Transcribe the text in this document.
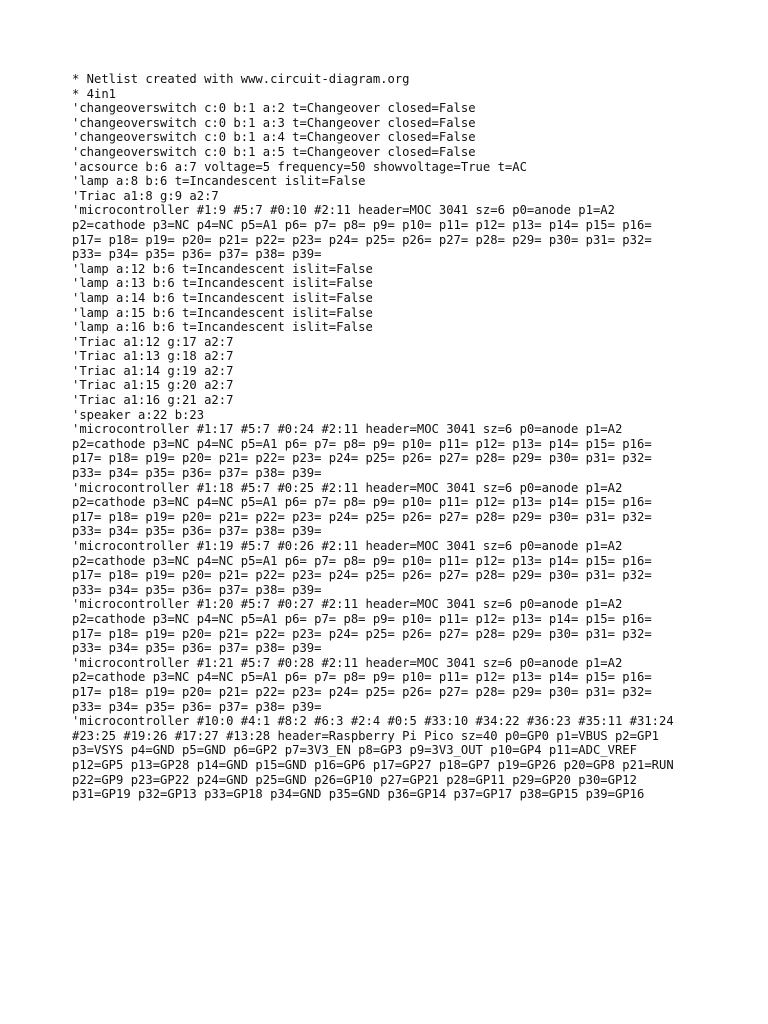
* Netlist created with www.circuit-diagram.org
* 4in1
'changeoverswitch c:0 b:1 a:2 t=Changeover closed=False
'changeoverswitch c:0 b:1 a:3 t=Changeover closed=False
'changeoverswitch c:0 b:1 a:4 t=Changeover closed=False
'changeoverswitch c:0 b:1 a:5 t=Changeover closed=False
'acsource b:6 a:7 voltage=5 frequency=50 showvoltage=True t=AC
'lamp a:8 b:6 t=Incandescent islit=False
'Triac a1:8 g:9 a2:7
'microcontroller #1:9 #5:7 #0:10 #2:11 header=MOC 3041 sz=6 p0=anode p1=A2
p2=cathode p3=NC p4=NC p5=A1 p6= p7= p8= p9= p10= p11= p12= p13= p14= p15= p16=
p17= p18= p19= p20= p21= p22= p23= p24= p25= p26= p27= p28= p29= p30= p31= p32=
p33= p34= p35= p36= p37= p38= p39=
'lamp a:12 b:6 t=Incandescent islit=False
'lamp a:13 b:6 t=Incandescent islit=False
'lamp a:14 b:6 t=Incandescent islit=False
'lamp a:15 b:6 t=Incandescent islit=False
'lamp a:16 b:6 t=Incandescent islit=False
'Triac a1:12 g:17 a2:7
'Triac a1:13 g:18 a2:7
'Triac a1:14 g:19 a2:7
'Triac a1:15 g:20 a2:7
'Triac a1:16 g:21 a2:7
'speaker a:22 b:23
'microcontroller #1:17 #5:7 #0:24 #2:11 header=MOC 3041 sz=6 p0=anode p1=A2
p2=cathode p3=NC p4=NC p5=A1 p6= p7= p8= p9= p10= p11= p12= p13= p14= p15= p16=
p17= p18= p19= p20= p21= p22= p23= p24= p25= p26= p27= p28= p29= p30= p31= p32=
p33= p34= p35= p36= p37= p38= p39=
'microcontroller #1:18 #5:7 #0:25 #2:11 header=MOC 3041 sz=6 p0=anode p1=A2
p2=cathode p3=NC p4=NC p5=A1 p6= p7= p8= p9= p10= p11= p12= p13= p14= p15= p16=
p17= p18= p19= p20= p21= p22= p23= p24= p25= p26= p27= p28= p29= p30= p31= p32=
p33= p34= p35= p36= p37= p38= p39=
'microcontroller #1:19 #5:7 #0:26 #2:11 header=MOC 3041 sz=6 p0=anode p1=A2
p2=cathode p3=NC p4=NC p5=A1 p6= p7= p8= p9= p10= p11= p12= p13= p14= p15= p16=
p17= p18= p19= p20= p21= p22= p23= p24= p25= p26= p27= p28= p29= p30= p31= p32=
p33= p34= p35= p36= p37= p38= p39=
'microcontroller #1:20 #5:7 #0:27 #2:11 header=MOC 3041 sz=6 p0=anode p1=A2
p2=cathode p3=NC p4=NC p5=A1 p6= p7= p8= p9= p10= p11= p12= p13= p14= p15= p16=
p17= p18= p19= p20= p21= p22= p23= p24= p25= p26= p27= p28= p29= p30= p31= p32=
p33= p34= p35= p36= p37= p38= p39=
'microcontroller #1:21 #5:7 #0:28 #2:11 header=MOC 3041 sz=6 p0=anode p1=A2
p2=cathode p3=NC p4=NC p5=A1 p6= p7= p8= p9= p10= p11= p12= p13= p14= p15= p16=
p17= p18= p19= p20= p21= p22= p23= p24= p25= p26= p27= p28= p29= p30= p31= p32=
p33= p34= p35= p36= p37= p38= p39=
'microcontroller #10:0 #4:1 #8:2 #6:3 #2:4 #0:5 #33:10 #34:22 #36:23 #35:11 #31:24
#23:25 #19:26 #17:27 #13:28 header=Raspberry Pi Pico sz=40 p0=GP0 p1=VBUS p2=GP1
p3=VSYS p4=GND p5=GND p6=GP2 p7=3V3_EN p8=GP3 p9=3V3_OUT p10=GP4 p11=ADC_VREF
p12=GP5 p13=GP28 p14=GND p15=GND p16=GP6 p17=GP27 p18=GP7 p19=GP26 p20=GP8 p21=RUN
p22=GP9 p23=GP22 p24=GND p25=GND p26=GP10 p27=GP21 p28=GP11 p29=GP20 p30=GP12
p31=GP19 p32=GP13 p33=GP18 p34=GND p35=GND p36=GP14 p37=GP17 p38=GP15 p39=GP16
